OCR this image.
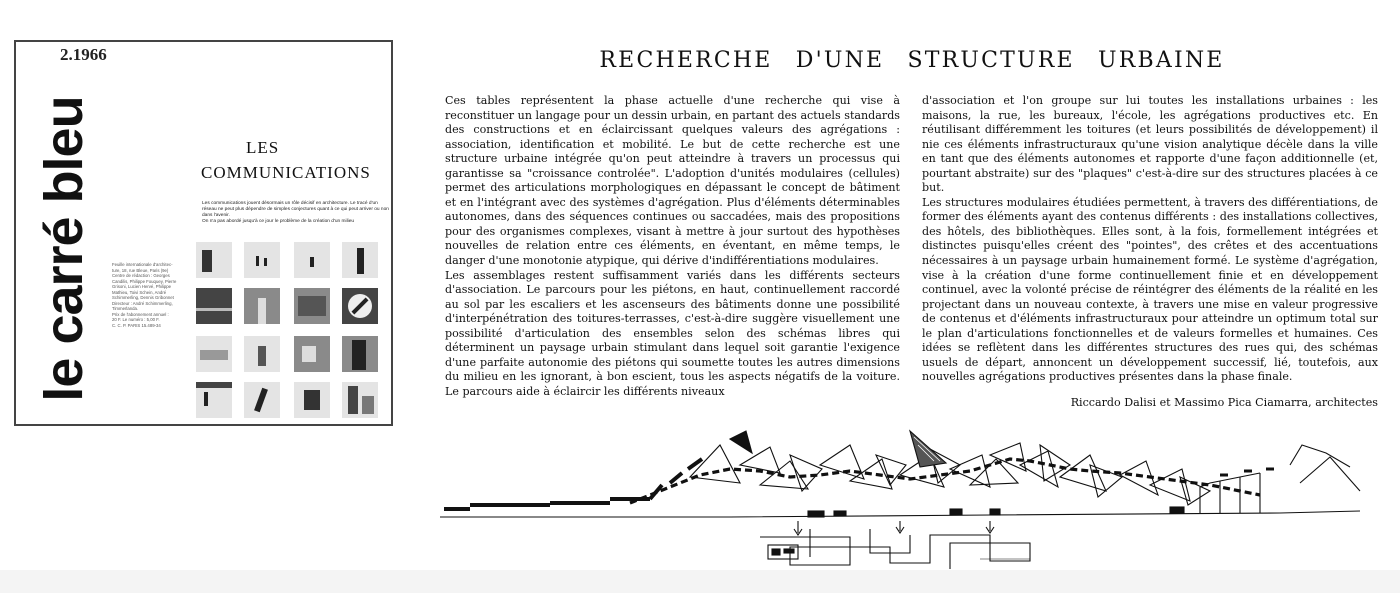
2.1966
le carré bleu	Feuille internationale d'architec-
ture, 18, rue Bleue, Paris (9e)
Centre de rédaction : Georges
Candilis, Philippe Fouquey, Pierre
Grisoni, Lucien Hervé, Philippe
Mathieu, Toivi Schein, André
Schimmerling, Dennis Gribonnet
Directeur : André Schimmerling,
Timmerlanda.
Prix de l'abonnement annuel :
20 F. Le numéro : 5,00 F.
C. C. P. PARIS 15.489-34
LES
COMMUNICATIONS
Les communications jouent désormais un rôle décisif en architecture. Le tracé d'un réseau ne peut plus dépendre de simples conjectures quant à ce qui peut arriver ou non dans l'avenir.
On n'a pas abordé jusqu'à ce jour le problème de la création d'un milieu
RECHERCHE D'UNE STRUCTURE URBAINE

Ces tables représentent la phase actuelle d'une recherche qui vise à reconstituer un langage pour un dessin urbain, en partant des actuels standards des constructions et en éclaircissant quelques valeurs des agrégations : association, identification et mobilité. Le but de cette recherche est une structure urbaine intégrée qu'on peut atteindre à travers un processus qui garantisse sa "croissance controlée". L'adoption d'unités modulaires (cellules) permet des articulations morphologiques en dépassant le concept de bâtiment et en l'intégrant avec des systèmes d'agrégation. Plus d'éléments déterminables autonomes, dans des séquences continues ou saccadées, mais des propositions pour des organismes complexes, visant à mettre à jour surtout des hypothèses nouvelles de relation entre ces éléments, en éventant, en même temps, le danger d'une monotonie atypique, qui dérive d'indifférentiations modulaires.

Les assemblages restent suffisamment variés dans les différents secteurs d'association. Le parcours pour les piétons, en haut, continuellement raccordé au sol par les escaliers et les ascenseurs des bâtiments donne une possibilité d'interpénétration des toitures-terrasses, c'est-à-dire suggère visuellement une possibilité d'articulation des ensembles selon des schémas libres qui déterminent un paysage urbain stimulant dans lequel soit garantie l'exigence d'une parfaite autonomie des piétons qui soumette toutes les autres dimensions du milieu en les ignorant, à bon escient, tous les aspects négatifs de la voiture. Le parcours aide à éclaircir les différents niveaux

d'association et l'on groupe sur lui toutes les installations urbaines : les maisons, la rue, les bureaux, l'école, les agrégations productives etc. En réutilisant différemment les toitures (et leurs possibilités de développement) il nie ces éléments infrastructuraux qu'une vision analytique décèle dans la ville en tant que des éléments autonomes et rapporte d'une façon additionnelle (et, pourtant abstraite) sur des "plaques" c'est-à-dire sur des structures placées à ce but.

Les structures modulaires étudiées permettent, à travers des différentiations, de former des éléments ayant des contenus différents : des installations collectives, des hôtels, des bibliothèques. Elles sont, à la fois, formellement intégrées et distinctes puisqu'elles créent des "pointes", des crêtes et des accentuations nécessaires à un paysage urbain humainement formé. Le système d'agrégation, vise à la création d'une forme continuellement finie et en développement continuel, avec la volonté précise de réintégrer des éléments de la réalité en les projectant dans un nouveau contexte, à travers une mise en valeur progressive de contenus et d'éléments infrastructuraux pour atteindre un optimum total sur le plan d'articulations fonctionnelles et de valeurs formelles et humaines. Ces idées se reflètent dans les différentes structures des rues qui, des schémas usuels de départ, annoncent un développement successif, lié, toutefois, aux nouvelles agrégations productives présentes dans la phase finale.

Riccardo Dalisi et Massimo Pica Ciamarra, architectes
